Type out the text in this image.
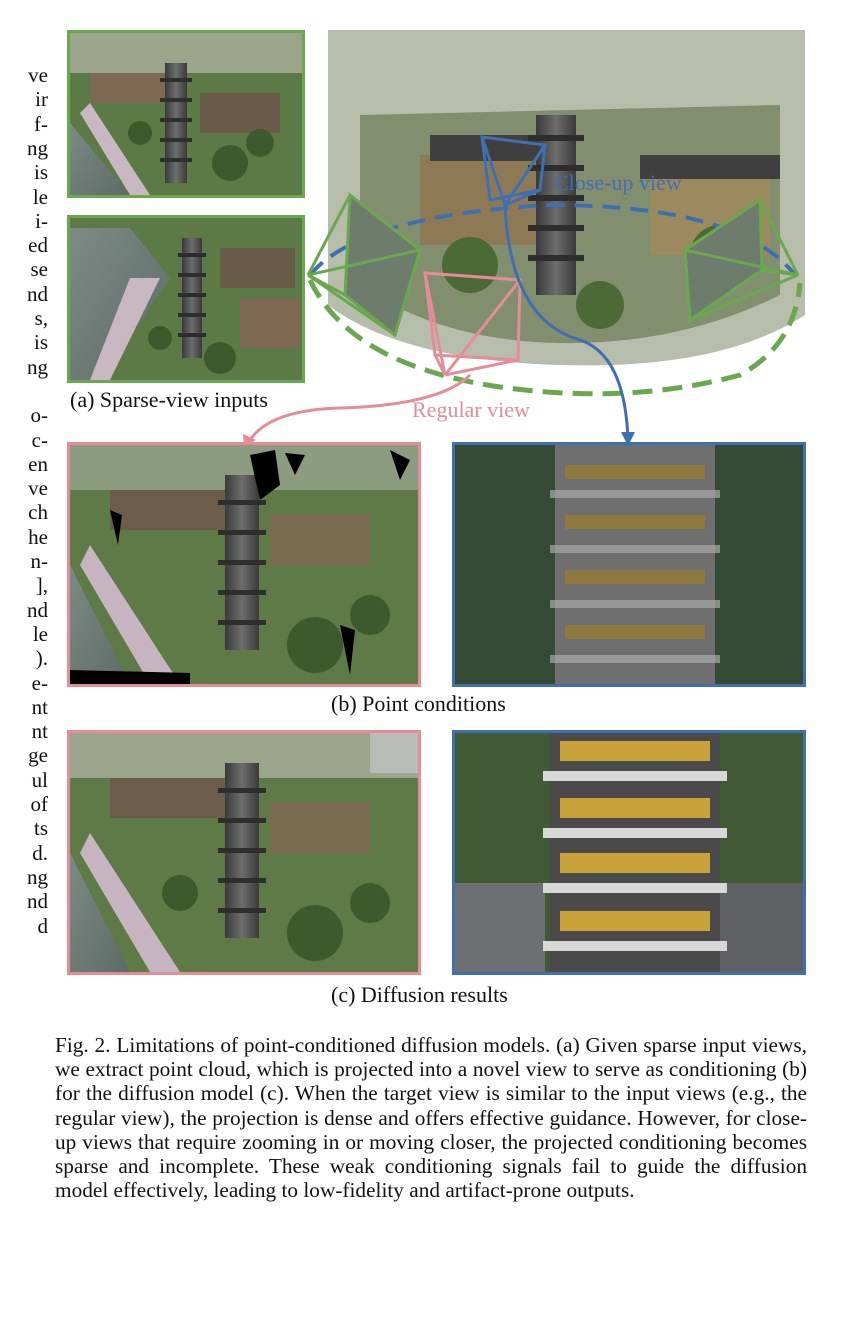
ve
ir
f-
ng
is
le
i-
ed
se
nd
s,
is
ng
o-
c-
en
ve
ch
he
n-
],
nd
le
).
e-
nt
nt
ge
ul
of
ts
d.
ng
nd
d
(a) Sparse-view inputs
Close-up view
Regular view
(b) Point conditions
(c) Diffusion results

Fig. 2. Limitations of point-conditioned diffusion models. (a) Given sparse input views, we extract point cloud, which is projected into a novel view to serve as conditioning (b) for the diffusion model (c). When the target view is similar to the input views (e.g., the regular view), the projection is dense and offers effective guidance. However, for close-up views that require zooming in or moving closer, the projected conditioning becomes sparse and incomplete. These weak conditioning signals fail to guide the diffusion model effectively, leading to low-fidelity and artifact-prone outputs.
